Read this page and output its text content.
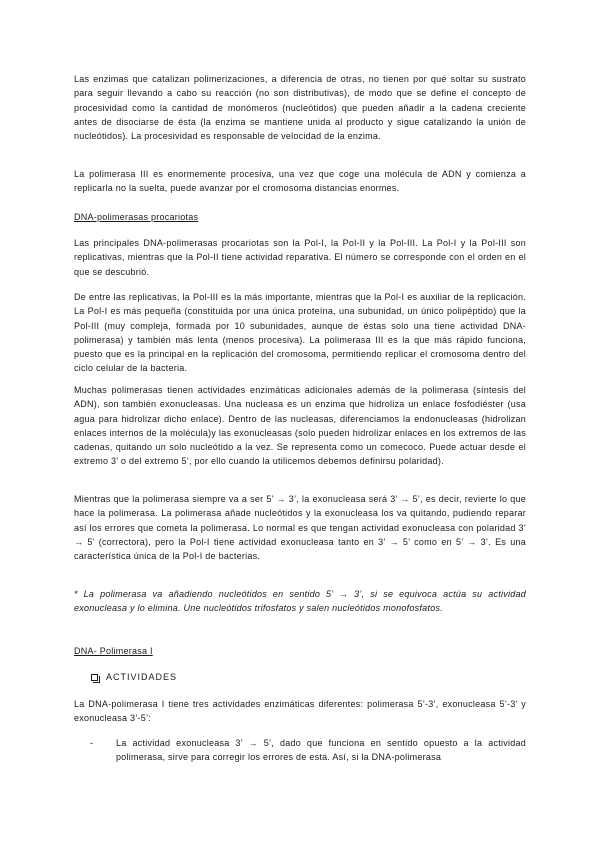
Las enzimas que catalizan polimerizaciones, a diferencia de otras, no tienen por qué soltar su sustrato para seguir llevando a cabo su reacción (no son distributivas), de modo que se define el concepto de procesividad como la cantidad de monómeros (nucleótidos) que pueden añadir a la cadena creciente antes de disociarse de ésta (la enzima se mantiene unida al producto y sigue catalizando la unión de nucleótidos). La procesividad es responsable de velocidad de la enzima.

La polimerasa III es enormemente procesiva, una vez que coge una molécula de ADN y comienza a replicarla no la suelta, puede avanzar por el cromosoma distancias enormes.

DNA-polimerasas procariotas

Las principales DNA-polimerasas procariotas son la Pol-I, la Pol-II y la Pol-III. La Pol-I y la Pol-III son replicativas, mientras que la Pol-II tiene actividad reparativa. El número se corresponde con el orden en el que se descubrió.

De entre las replicativas, la Pol-III es la más importante, mientras que la Pol-I es auxiliar de la replicación. La Pol-I es más pequeña (constituida por una única proteína, una subunidad, un único polipéptido) que la Pol-III (muy compleja, formada por 10 subunidades, aunque de éstas solo una tiene actividad DNA-polimerasa) y también más lenta (menos procesiva). La polimerasa III es la que más rápido funciona, puesto que es la principal en la replicación del cromosoma, permitiendo replicar el cromosoma dentro del ciclo celular de la bacteria.

Muchas polimerasas tienen actividades enzimáticas adicionales además de la polimerasa (síntesis del ADN), son también exonucleasas. Una nucleasa es un enzima que hidroliza un enlace fosfodiéster (usa agua para hidrolizar dicho enlace). Dentro de las nucleasas, diferenciamos la endonucleasas (hidrolizan enlaces internos de la molécula)y las exonucleasas (solo pueden hidrolizar enlaces en los extremos de las cadenas, quitando un solo nucleótido a la vez. Se representa como un comecoco. Puede actuar desde el extremo 3’ o del extremo 5’, por ello cuando la utilicemos debemos definirsu polaridad).

Mientras que la polimerasa siempre va a ser 5’ → 3’, la exonucleasa será 3’ → 5’, es decir, revierte lo que hace la polimerasa. La polimerasa añade nucleótidos y la exonucleasa los va quitando, pudiendo reparar así los errores que cometa la polimerasa. Lo normal es que tengan actividad exonucleasa con polaridad 3’ → 5’ (correctora), pero la Pol-I tiene actividad exonucleasa tanto en 3’ → 5’ como en 5’ → 3’. Es una característica única de la Pol-I de bacterias.

* La polimerasa va añadiendo nucleótidos en sentido 5’ → 3’, si se equivoca actúa su actividad exonucleasa y lo elimina. Une nucleótidos trifosfatos y salen nucleótidos monofosfatos.

DNA- Polimerasa I

ACTIVIDADES

La DNA-polimerasa I tiene tres actividades enzimáticas diferentes: polimerasa 5’-3’, exonucleasa 5’-3’ y exonucleasa 3’-5’:

-	La actividad exonucleasa 3’ → 5’, dado que funciona en sentido opuesto a la actividad polimerasa, sirve para corregir los errores de esta. Así, si la DNA-polimerasa
